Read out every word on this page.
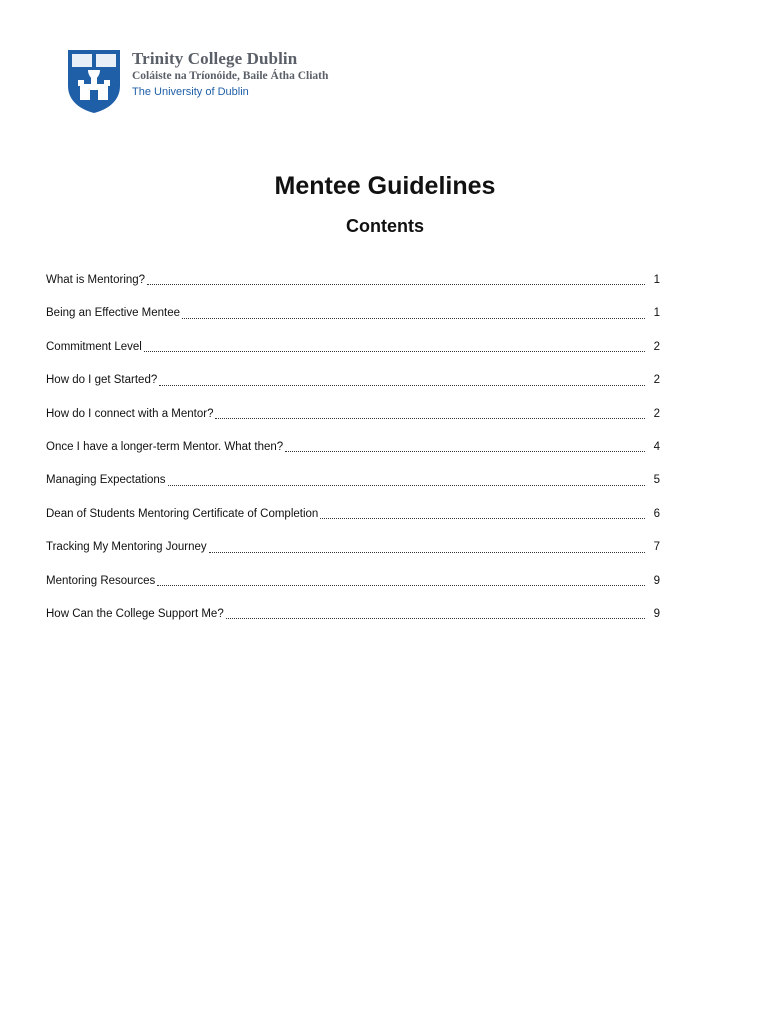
Trinity College Dublin
Coláiste na Tríonóide, Baile Átha Cliath
The University of Dublin
Mentee Guidelines
Contents
What is Mentoring?	1
Being an Effective Mentee	1
Commitment Level	2
How do I get Started?	2
How do I connect with a Mentor?	2
Once I have a longer-term Mentor. What then?	4
Managing Expectations	5
Dean of Students Mentoring Certificate of Completion	6
Tracking My Mentoring Journey	7
Mentoring Resources	9
How Can the College Support Me?	9
